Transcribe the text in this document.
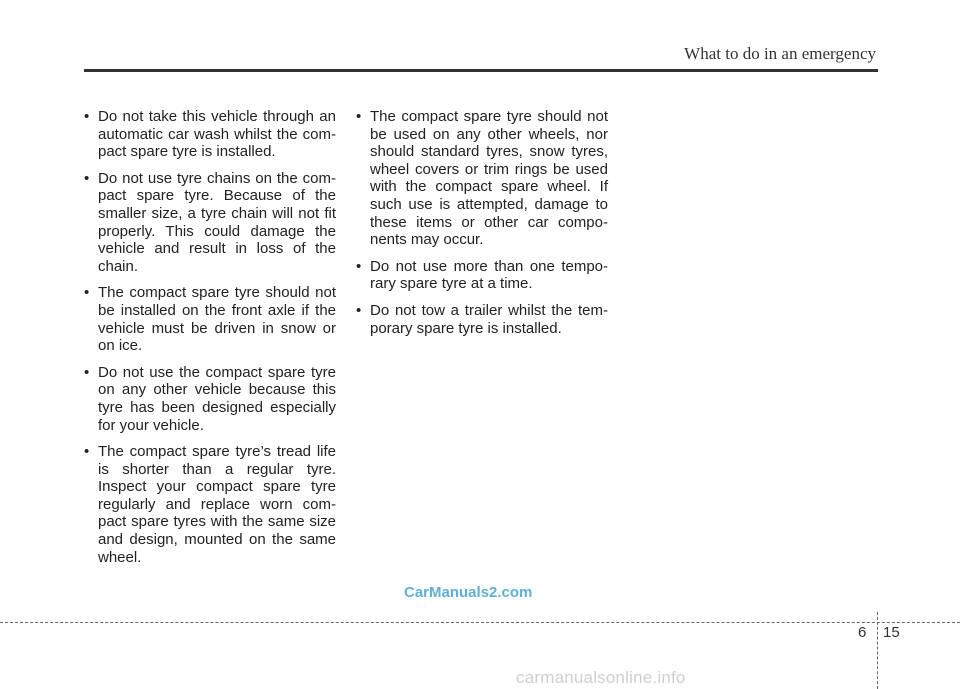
What to do in an emergency
• Do not take this vehicle through an automatic car wash whilst the com-pact spare tyre is installed.
• Do not use tyre chains on the com-pact spare tyre. Because of the smaller size, a tyre chain will not fit properly. This could damage the vehicle and result in loss of the chain.
• The compact spare tyre should not be installed on the front axle if the vehicle must be driven in snow or on ice.
• Do not use the compact spare tyre on any other vehicle because this tyre has been designed especially for your vehicle.
• The compact spare tyre’s tread life is shorter than a regular tyre. Inspect your compact spare tyre regularly and replace worn com-pact spare tyres with the same size and design, mounted on the same wheel.
• The compact spare tyre should not be used on any other wheels, nor should standard tyres, snow tyres, wheel covers or trim rings be used with the compact spare wheel. If such use is attempted, damage to these items or other car compo-nents may occur.
• Do not use more than one tempo-rary spare tyre at a time.
• Do not tow a trailer whilst the tem-porary spare tyre is installed.
CarManuals2.com
6 15
carmanualsonline.info
